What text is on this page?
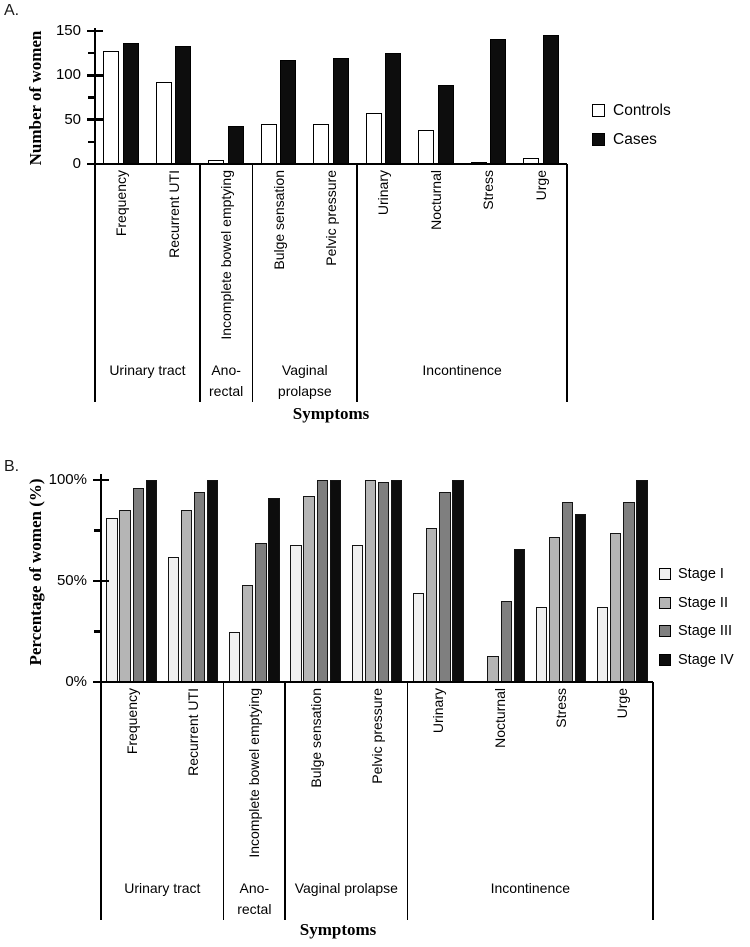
A.
Number of women
Symptoms
B.
Percentage of women (%)
Symptoms
0
50
100
150
Frequency	Recurrent UTI	Incomplete bowel emptying	Bulge sensation	Pelvic pressure	Urinary	Nocturnal	Stress	Urge
Urinary tract Ano-
rectal
Vaginal
prolapse
Incontinence
Controls
Cases
0%
50%
100%
Frequency	Recurrent UTI	Incomplete bowel emptying	Bulge sensation	Pelvic pressure	Urinary	Nocturnal	Stress	Urge
Urinary tract	Ano-
rectal
Vaginal prolapse	Incontinence
Stage I
Stage II
Stage III
Stage IV
